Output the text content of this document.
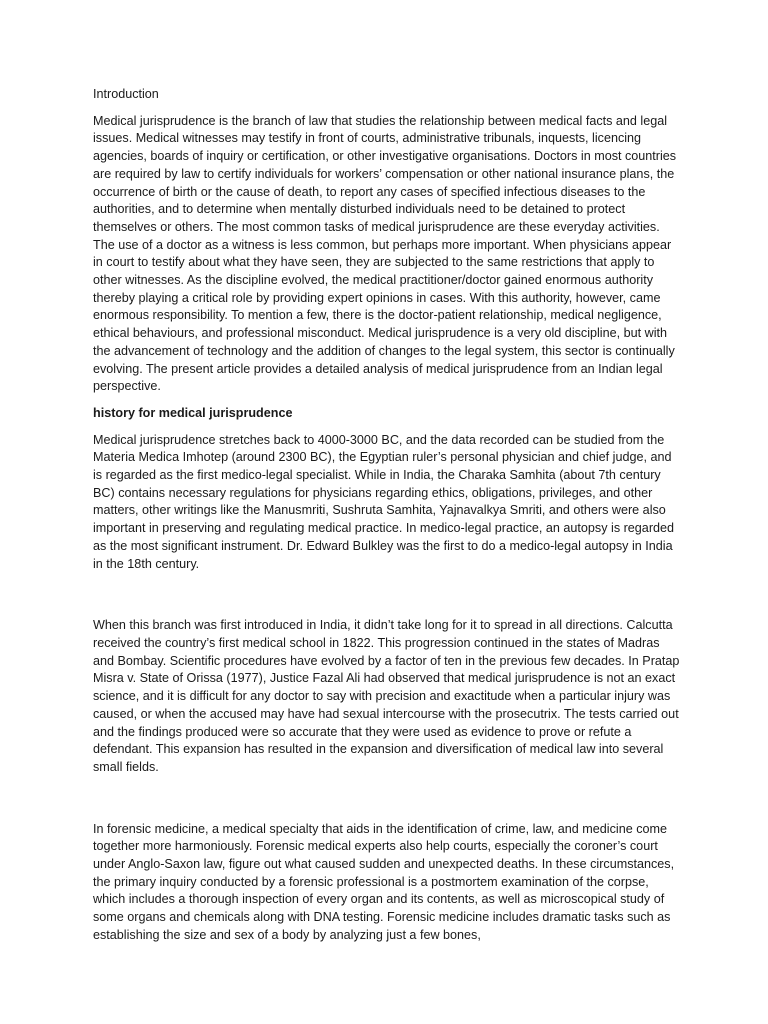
Introduction

Medical jurisprudence is the branch of law that studies the relationship between medical facts and legal issues. Medical witnesses may testify in front of courts, administrative tribunals, inquests, licencing agencies, boards of inquiry or certification, or other investigative organisations. Doctors in most countries are required by law to certify individuals for workers’ compensation or other national insurance plans, the occurrence of birth or the cause of death, to report any cases of specified infectious diseases to the authorities, and to determine when mentally disturbed individuals need to be detained to protect themselves or others. The most common tasks of medical jurisprudence are these everyday activities. The use of a doctor as a witness is less common, but perhaps more important. When physicians appear in court to testify about what they have seen, they are subjected to the same restrictions that apply to other witnesses. As the discipline evolved, the medical practitioner/doctor gained enormous authority thereby playing a critical role by providing expert opinions in cases. With this authority, however, came enormous responsibility. To mention a few, there is the doctor-patient relationship, medical negligence, ethical behaviours, and professional misconduct. Medical jurisprudence is a very old discipline, but with the advancement of technology and the addition of changes to the legal system, this sector is continually evolving. The present article provides a detailed analysis of medical jurisprudence from an Indian legal perspective.

history for medical jurisprudence

Medical jurisprudence stretches back to 4000-3000 BC, and the data recorded can be studied from the Materia Medica Imhotep (around 2300 BC), the Egyptian ruler’s personal physician and chief judge, and is regarded as the first medico-legal specialist. While in India, the Charaka Samhita (about 7th century BC) contains necessary regulations for physicians regarding ethics, obligations, privileges, and other matters, other writings like the Manusmriti, Sushruta Samhita, Yajnavalkya Smriti, and others were also important in preserving and regulating medical practice. In medico-legal practice, an autopsy is regarded as the most significant instrument. Dr. Edward Bulkley was the first to do a medico-legal autopsy in India in the 18th century.

When this branch was first introduced in India, it didn’t take long for it to spread in all directions. Calcutta received the country’s first medical school in 1822. This progression continued in the states of Madras and Bombay. Scientific procedures have evolved by a factor of ten in the previous few decades. In Pratap Misra v. State of Orissa (1977), Justice Fazal Ali had observed that medical jurisprudence is not an exact science, and it is difficult for any doctor to say with precision and exactitude when a particular injury was caused, or when the accused may have had sexual intercourse with the prosecutrix. The tests carried out and the findings produced were so accurate that they were used as evidence to prove or refute a defendant. This expansion has resulted in the expansion and diversification of medical law into several small fields.

In forensic medicine, a medical specialty that aids in the identification of crime, law, and medicine come together more harmoniously. Forensic medical experts also help courts, especially the coroner’s court under Anglo-Saxon law, figure out what caused sudden and unexpected deaths. In these circumstances, the primary inquiry conducted by a forensic professional is a postmortem examination of the corpse, which includes a thorough inspection of every organ and its contents, as well as microscopical study of some organs and chemicals along with DNA testing. Forensic medicine includes dramatic tasks such as establishing the size and sex of a body by analyzing just a few bones,
